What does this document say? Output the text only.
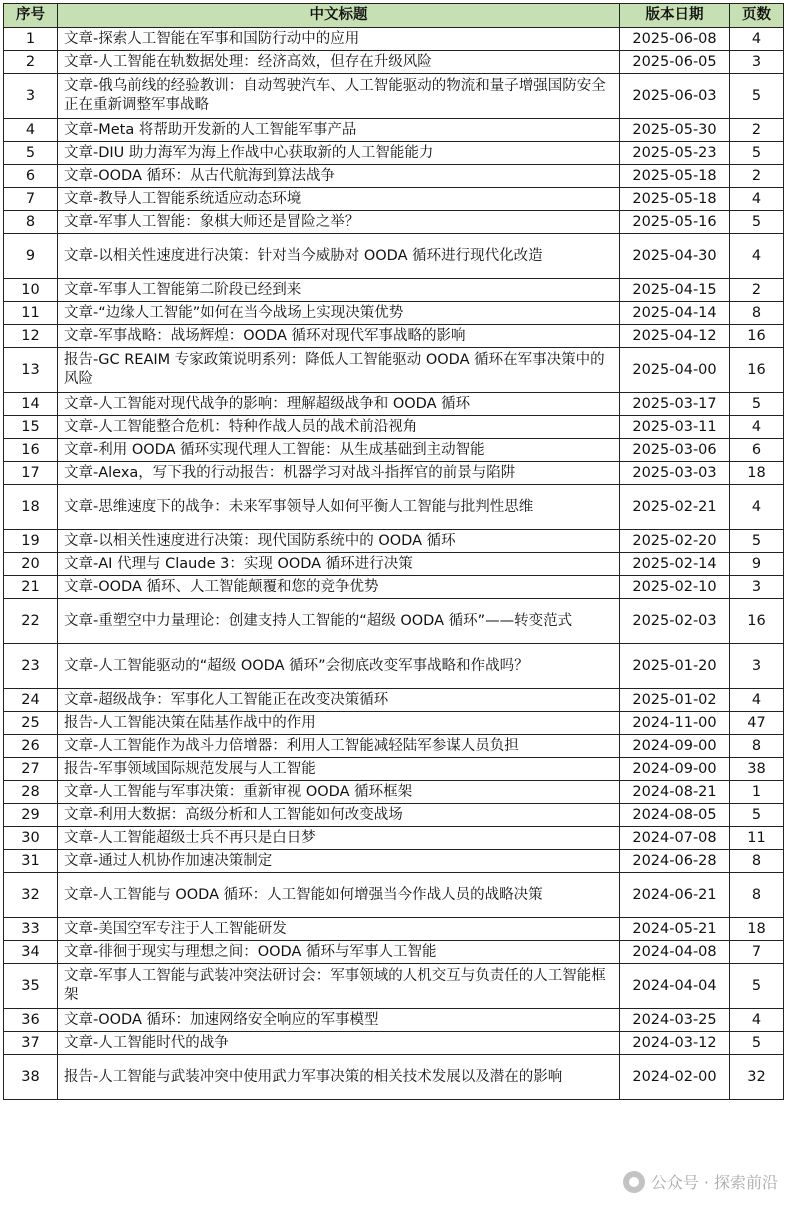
序号	中文标题	版本日期	页数
1	文章-探索人工智能在军事和国防行动中的应用	2025-06-08	4
2	文章-人工智能在轨数据处理：经济高效，但存在升级风险	2025-06-05	3
3	文章-俄乌前线的经验教训：自动驾驶汽车、人工智能驱动的物流和量子增强国防安全正在重新调整军事战略	2025-06-03	5
4	文章-Meta 将帮助开发新的人工智能军事产品	2025-05-30	2
5	文章-DIU 助力海军为海上作战中心获取新的人工智能能力	2025-05-23	5
6	文章-OODA 循环：从古代航海到算法战争	2025-05-18	2
7	文章-教导人工智能系统适应动态环境	2025-05-18	4
8	文章-军事人工智能：象棋大师还是冒险之举？	2025-05-16	5
9	文章-以相关性速度进行决策：针对当今威胁对 OODA 循环进行现代化改造	2025-04-30	4
10	文章-军事人工智能第二阶段已经到来	2025-04-15	2
11	文章-“边缘人工智能”如何在当今战场上实现决策优势	2025-04-14	8
12	文章-军事战略：战场辉煌：OODA 循环对现代军事战略的影响	2025-04-12	16
13	报告-GC REAIM 专家政策说明系列：降低人工智能驱动 OODA 循环在军事决策中的风险	2025-04-00	16
14	文章-人工智能对现代战争的影响：理解超级战争和 OODA 循环	2025-03-17	5
15	文章-人工智能整合危机：特种作战人员的战术前沿视角	2025-03-11	4
16	文章-利用 OODA 循环实现代理人工智能：从生成基础到主动智能	2025-03-06	6
17	文章-Alexa，写下我的行动报告：机器学习对战斗指挥官的前景与陷阱	2025-03-03	18
18	文章-思维速度下的战争：未来军事领导人如何平衡人工智能与批判性思维	2025-02-21	4
19	文章-以相关性速度进行决策：现代国防系统中的 OODA 循环	2025-02-20	5
20	文章-AI 代理与 Claude 3：实现 OODA 循环进行决策	2025-02-14	9
21	文章-OODA 循环、人工智能颠覆和您的竞争优势	2025-02-10	3
22	文章-重塑空中力量理论：创建支持人工智能的“超级 OODA 循环”——转变范式	2025-02-03	16
23	文章-人工智能驱动的“超级 OODA 循环”会彻底改变军事战略和作战吗？	2025-01-20	3
24	文章-超级战争：军事化人工智能正在改变决策循环	2025-01-02	4
25	报告-人工智能决策在陆基作战中的作用	2024-11-00	47
26	文章-人工智能作为战斗力倍增器：利用人工智能减轻陆军参谋人员负担	2024-09-00	8
27	报告-军事领域国际规范发展与人工智能	2024-09-00	38
28	文章-人工智能与军事决策：重新审视 OODA 循环框架	2024-08-21	1
29	文章-利用大数据：高级分析和人工智能如何改变战场	2024-08-05	5
30	文章-人工智能超级士兵不再只是白日梦	2024-07-08	11
31	文章-通过人机协作加速决策制定	2024-06-28	8
32	文章-人工智能与 OODA 循环：人工智能如何增强当今作战人员的战略决策	2024-06-21	8
33	文章-美国空军专注于人工智能研发	2024-05-21	18
34	文章-徘徊于现实与理想之间：OODA 循环与军事人工智能	2024-04-08	7
35	文章-军事人工智能与武装冲突法研讨会：军事领域的人机交互与负责任的人工智能框架	2024-04-04	5
36	文章-OODA 循环：加速网络安全响应的军事模型	2024-03-25	4
37	文章-人工智能时代的战争	2024-03-12	5
38	报告-人工智能与武装冲突中使用武力军事决策的相关技术发展以及潜在的影响	2024-02-00	32
公众号 · 探索前沿
